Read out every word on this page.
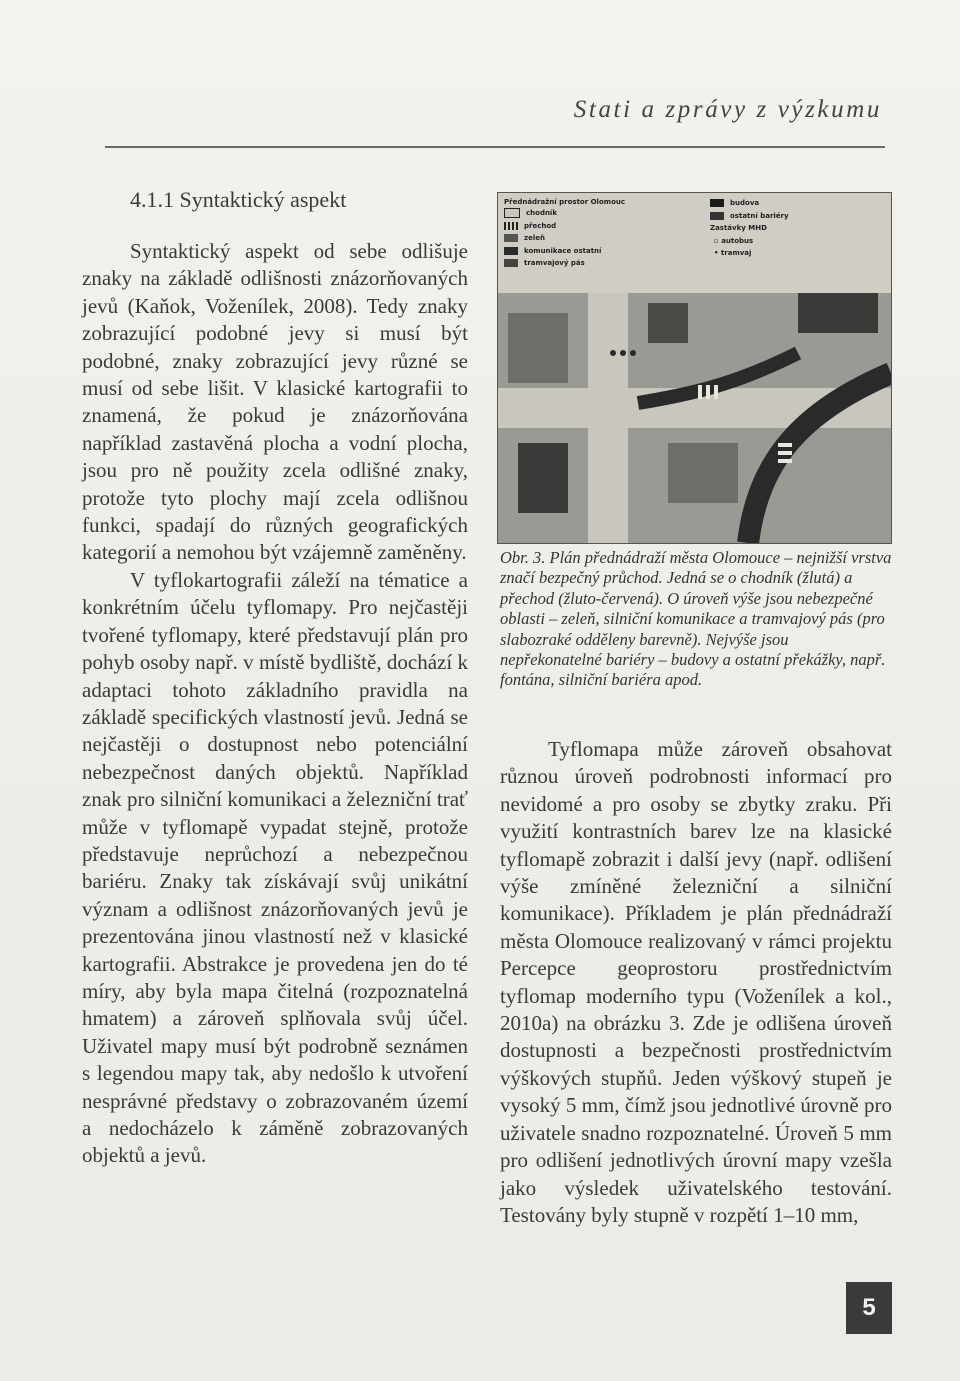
Stati a zprávy z výzkumu
4.1.1 Syntaktický aspekt

Syntaktický aspekt od sebe odlišuje znaky na základě odlišnosti znázorňovaných jevů (Kaňok, Voženílek, 2008). Tedy znaky zobrazující podobné jevy si musí být podobné, znaky zobrazující jevy různé se musí od sebe lišit. V klasické kartografii to znamená, že pokud je znázorňována například zastavěná plocha a vodní plocha, jsou pro ně použity zcela odlišné znaky, protože tyto plochy mají zcela odlišnou funkci, spadají do různých geografických kategorií a nemohou být vzájemně zaměněny.

V tyflokartografii záleží na tématice a konkrétním účelu tyflomapy. Pro nejčastěji tvořené tyflomapy, které představují plán pro pohyb osoby např. v místě bydliště, dochází k adaptaci tohoto základního pravidla na základě specifických vlastností jevů. Jedná se nejčastěji o dostupnost nebo potenciální nebezpečnost daných objektů. Například znak pro silniční komunikaci a železniční trať může v tyflomapě vypadat stejně, protože představuje neprůchozí a nebezpečnou bariéru. Znaky tak získávají svůj unikátní význam a odlišnost znázorňovaných jevů je prezentována jinou vlastností než v klasické kartografii. Abstrakce je provedena jen do té míry, aby byla mapa čitelná (rozpoznatelná hmatem) a zároveň splňovala svůj účel. Uživatel mapy musí být podrobně seznámen s legendou mapy tak, aby nedošlo k utvoření nesprávné představy o zobrazovaném území a nedocházelo k záměně zobrazovaných objektů a jevů.

Přednádražní prostor Olomouc
chodník
přechod
zeleň
komunikace ostatní
tramvajový pás
budova
ostatní bariéry
Zastávky MHD
▫ autobus
• tramvaj
Obr. 3. Plán přednádraží města Olomouce – nejnižší vrstva značí bezpečný průchod. Jedná se o chodník (žlutá) a přechod (žluto-červená). O úroveň výše jsou nebezpečné oblasti – zeleň, silniční komunikace a tramvajový pás (pro slabozraké odděleny barevně). Nejvýše jsou nepřekonatelné bariéry – budovy a ostatní překážky, např. fontána, silniční bariéra apod.

Tyflomapa může zároveň obsahovat různou úroveň podrobnosti informací pro nevidomé a pro osoby se zbytky zraku. Při využití kontrastních barev lze na klasické tyflomapě zobrazit i další jevy (např. odlišení výše zmíněné železniční a silniční komunikace). Příkladem je plán přednádraží města Olomouce realizovaný v rámci projektu Percepce geoprostoru prostřednictvím tyflomap moderního typu (Voženílek a kol., 2010a) na obrázku 3. Zde je odlišena úroveň dostupnosti a bezpečnosti prostřednictvím výškových stupňů. Jeden výškový stupeň je vysoký 5 mm, čímž jsou jednotlivé úrovně pro uživatele snadno rozpoznatelné. Úroveň 5 mm pro odlišení jednotlivých úrovní mapy vzešla jako výsledek uživatelského testování. Testovány byly stupně v rozpětí 1–10 mm,

5
